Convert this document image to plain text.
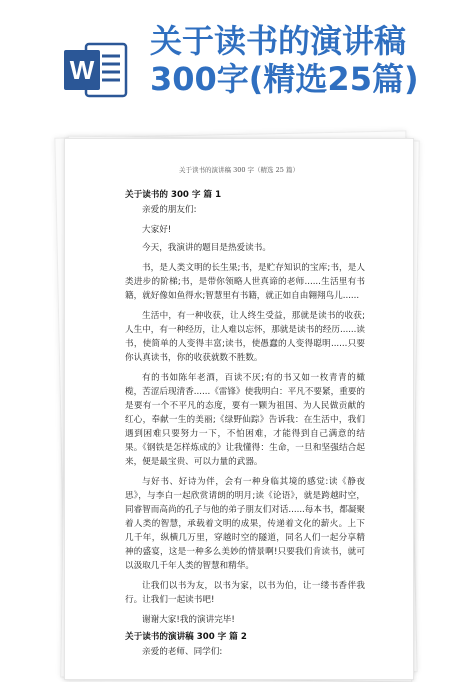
W
关于读书的演讲稿
300字(精选25篇)
关于读书的演讲稿 300 字（精选 25 篇）

关于读书的 300 字 篇 1

亲爱的朋友们:

大家好!

今天，我演讲的题目是热爱读书。

书，是人类文明的长生果;书，是贮存知识的宝库;书，是人类进步的阶梯;书，是带你领略人世真谛的老师......生活里有书籍，就好像如鱼得水;智慧里有书籍，就正如自由翱翔鸟儿......

生活中，有一种收获，让人终生受益，那就是读书的收获;人生中，有一种经历，让人难以忘怀，那就是读书的经历......读书，使简单的人变得丰富;读书，使愚蠢的人变得聪明......只要你认真读书，你的收获就数不胜数。

有的书如陈年老酒，百读不厌;有的书又如一枚青青的橄榄，苦涩后现清香......《雷锋》使我明白：平凡不要紧，重要的是要有一个不平凡的态度，要有一颗为祖国、为人民做贡献的红心，奉献一生的美丽;《绿野仙踪》告诉我：在生活中，我们遇到困难只要努力一下，不怕困难，才能得到自己满意的结果。《钢铁是怎样炼成的》让我懂得：生命，一旦和坚强结合起来，便是最宝贵、可以力量的武器。

与好书、好诗为伴，会有一种身临其境的感觉:读《静夜思》，与李白一起欣赏请朗的明月;读《论语》，就是跨越时空，同睿智而高尚的孔子与他的弟子朋友们对话......每本书，都凝聚着人类的智慧，承载着文明的成果，传递着文化的薪火。上下几千年，纵横几万里，穿越时空的隧道，同名人们一起分享精神的盛宴，这是一种多么美妙的情景啊!只要我们肯读书，就可以汲取几千年人类的智慧和精华。

让我们以书为友，以书为家，以书为伯，让一缕书香伴我行。让我们一起读书吧!

谢谢大家!我的演讲完毕!

关于读书的演讲稿 300 字 篇 2

亲爱的老师、同学们:
